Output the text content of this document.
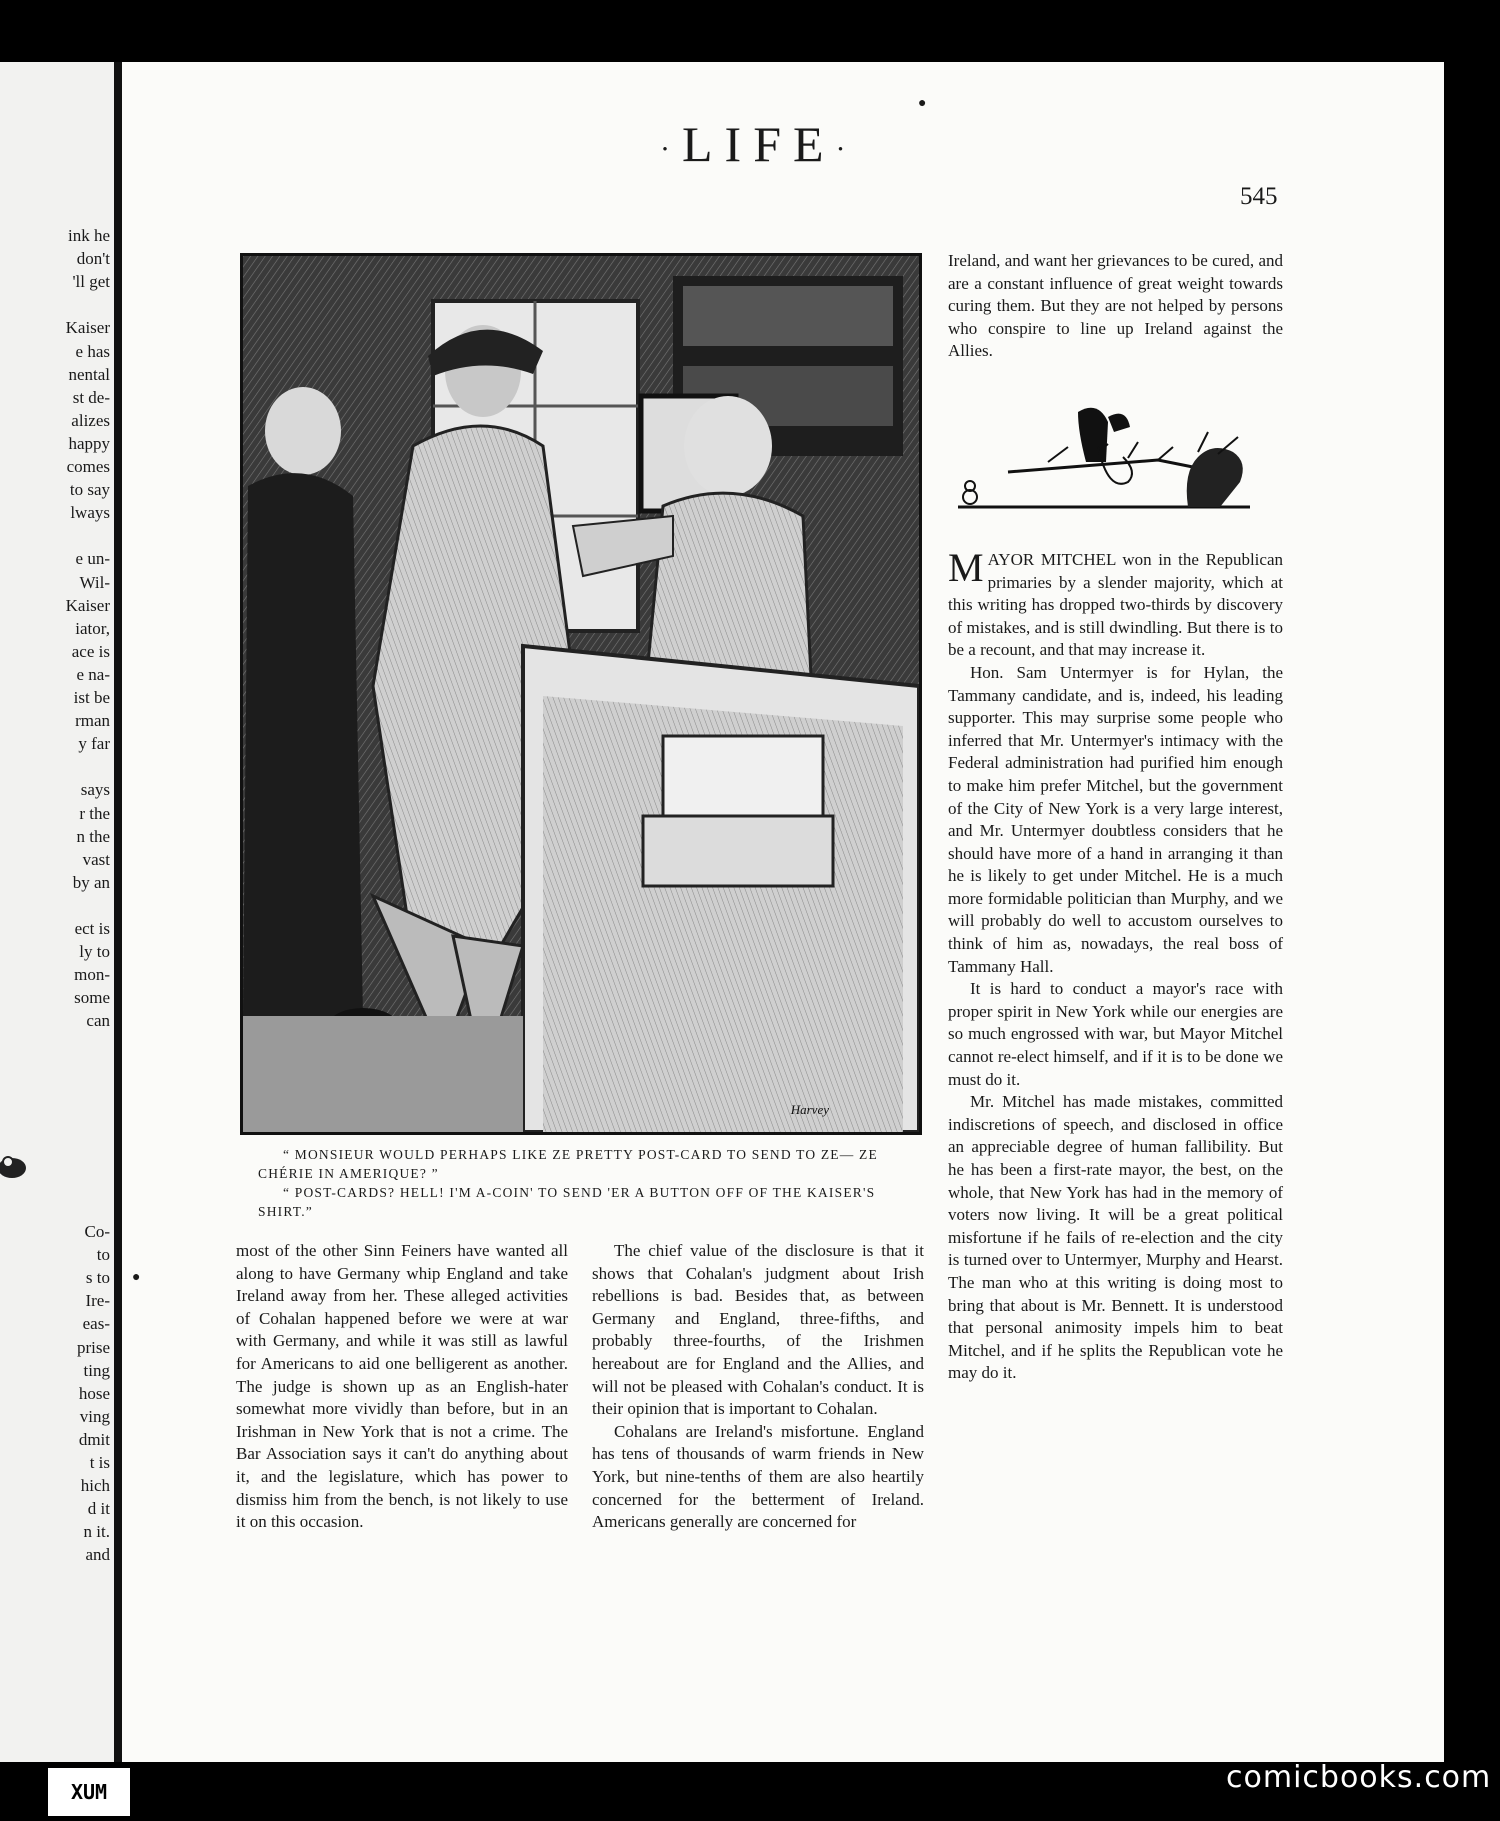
ink he
don't
'll get
Kaiser
e has
nental
st de-
alizes
happy
comes
to say
lways
e un-
Wil-
Kaiser
iator,
ace is
e na-
ist be
rman
y far
says
r the
n the
vast
by an
ect is
ly to
mon-
some
can
Co-
to
s to
Ire-
eas-
prise
ting
hose
ving
dmit
t is
hich
d it
n it.
and
·LIFE·
545
Harvey

“ MONSIEUR WOULD PERHAPS LIKE ZE PRETTY POST-CARD TO SEND TO ZE— ZE CHÉRIE IN AMERIQUE? ”

“ POST-CARDS? HELL! I'M A-COIN' TO SEND 'ER A BUTTON OFF OF THE KAISER'S SHIRT.”

most of the other Sinn Feiners have wanted all along to have Germany whip England and take Ireland away from her. These alleged activities of Cohalan happened before we were at war with Germany, and while it was still as lawful for Americans to aid one belligerent as another. The judge is shown up as an English-hater somewhat more vividly than before, but in an Irishman in New York that is not a crime. The Bar Association says it can't do anything about it, and the legislature, which has power to dismiss him from the bench, is not likely to use it on this occasion.

The chief value of the disclosure is that it shows that Cohalan's judgment about Irish rebellions is bad. Besides that, as between Germany and England, three-fifths, and probably three-fourths, of the Irishmen hereabout are for England and the Allies, and will not be pleased with Cohalan's conduct. It is their opinion that is important to Cohalan.

Cohalans are Ireland's misfortune. England has tens of thousands of warm friends in New York, but nine-tenths of them are also heartily concerned for the betterment of Ireland. Americans generally are concerned for

Ireland, and want her grievances to be cured, and are a constant influence of great weight towards curing them. But they are not helped by persons who conspire to line up Ireland against the Allies.

MAYOR MITCHEL won in the Republican primaries by a slender majority, which at this writing has dropped two-thirds by discovery of mistakes, and is still dwindling. But there is to be a recount, and that may increase it.

Hon. Sam Untermyer is for Hylan, the Tammany candidate, and is, indeed, his leading supporter. This may surprise some people who inferred that Mr. Untermyer's intimacy with the Federal administration had purified him enough to make him prefer Mitchel, but the government of the City of New York is a very large interest, and Mr. Untermyer doubtless considers that he should have more of a hand in arranging it than he is likely to get under Mitchel. He is a much more formidable politician than Murphy, and we will probably do well to accustom ourselves to think of him as, nowadays, the real boss of Tammany Hall.

It is hard to conduct a mayor's race with proper spirit in New York while our energies are so much engrossed with war, but Mayor Mitchel cannot re-elect himself, and if it is to be done we must do it.

Mr. Mitchel has made mistakes, committed indiscretions of speech, and disclosed in office an appreciable degree of human fallibility. But he has been a first-rate mayor, the best, on the whole, that New York has had in the memory of voters now living. It will be a great political misfortune if he fails of re-election and the city is turned over to Untermyer, Murphy and Hearst. The man who at this writing is doing most to bring that about is Mr. Bennett. It is understood that personal animosity impels him to beat Mitchel, and if he splits the Republican vote he may do it.

●
●
XUM	comicbooks.com
